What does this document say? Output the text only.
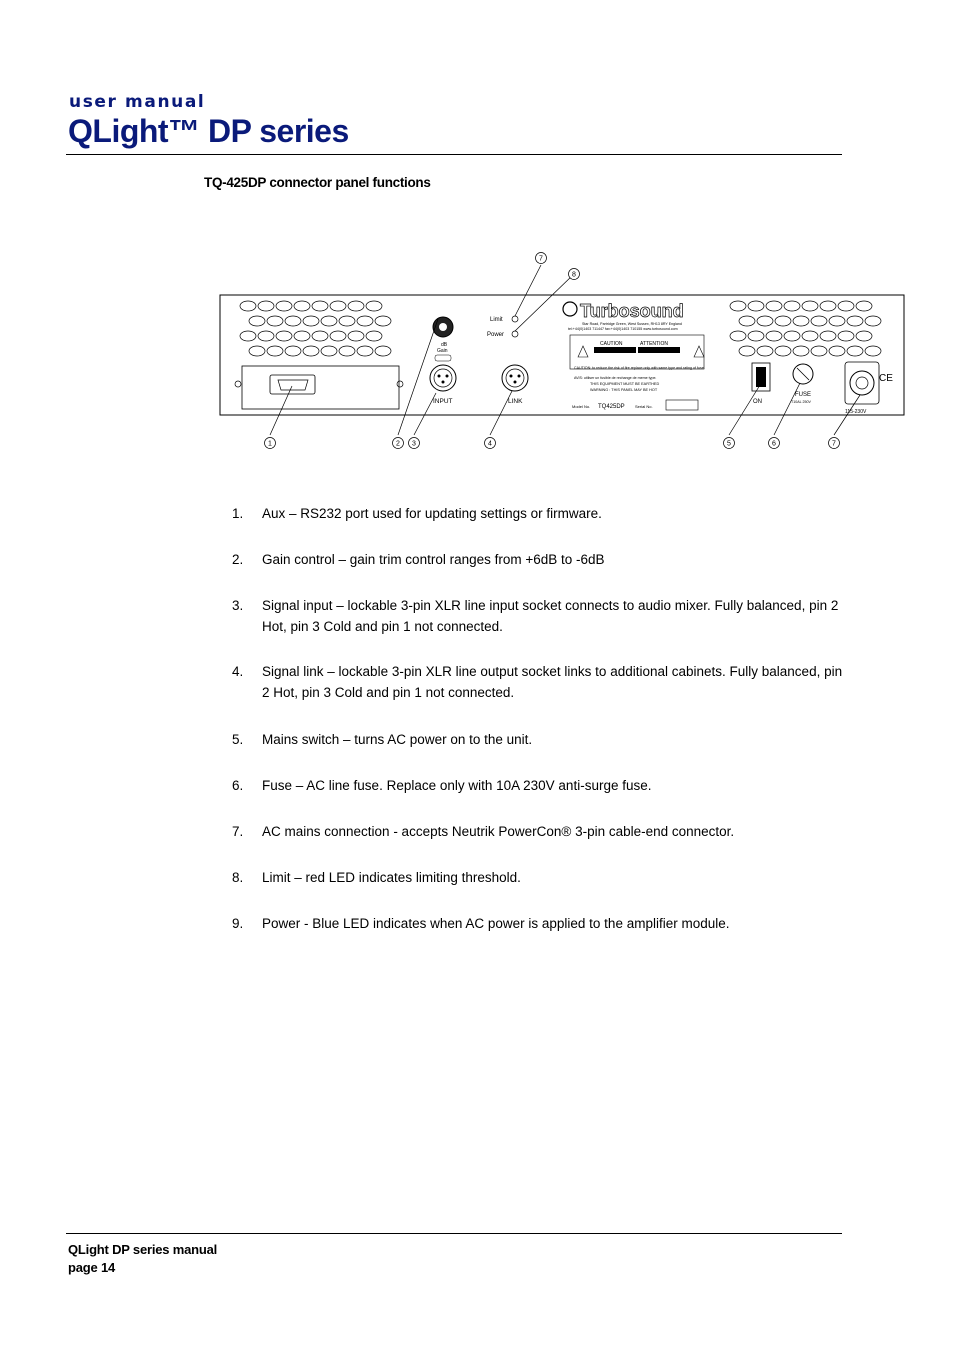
user manual
QLight™ DP series
TQ-425DP connector panel functions
dB
Gain
INPUT	LINK
Limit
Power
Turbosound
Star Road, Partridge Green, West Sussex, RH13 8RY England
tel:+44(0)1403 711447 fax:+44(0)1403 710155 www.turbosound.com
CAUTION	ATTENTION
CAUTION: to reduce the risk of fire replace only with same type and rating of fuse.
AVIS: utiliser un fusible de rechange de meme type.
THIS EQUIPMENT MUST BE EARTHED
WARNING : THIS PANEL MAY BE HOT
Model No. TQ425DP	Serial No.
ON
FUSE
T10AL 250V
115-230V
CE
1	2 3	4	5	6	7
7
8
1. Aux – RS232 port used for updating settings or firmware.
2. Gain control – gain trim control ranges from +6dB to -6dB
3. Signal input – lockable 3-pin XLR line input socket connects to audio mixer. Fully balanced, pin 2 Hot, pin 3 Cold and pin 1 not connected.
4. Signal link – lockable 3-pin XLR line output socket links to additional cabinets. Fully balanced, pin 2 Hot, pin 3 Cold and pin 1 not connected.
5. Mains switch – turns AC power on to the unit.
6. Fuse – AC line fuse. Replace only with 10A 230V anti-surge fuse.
7. AC mains connection - accepts Neutrik PowerCon® 3-pin cable-end connector.
8. Limit – red LED indicates limiting threshold.
9. Power - Blue LED indicates when AC power is applied to the amplifier module.
QLight DP series manual
page 14
